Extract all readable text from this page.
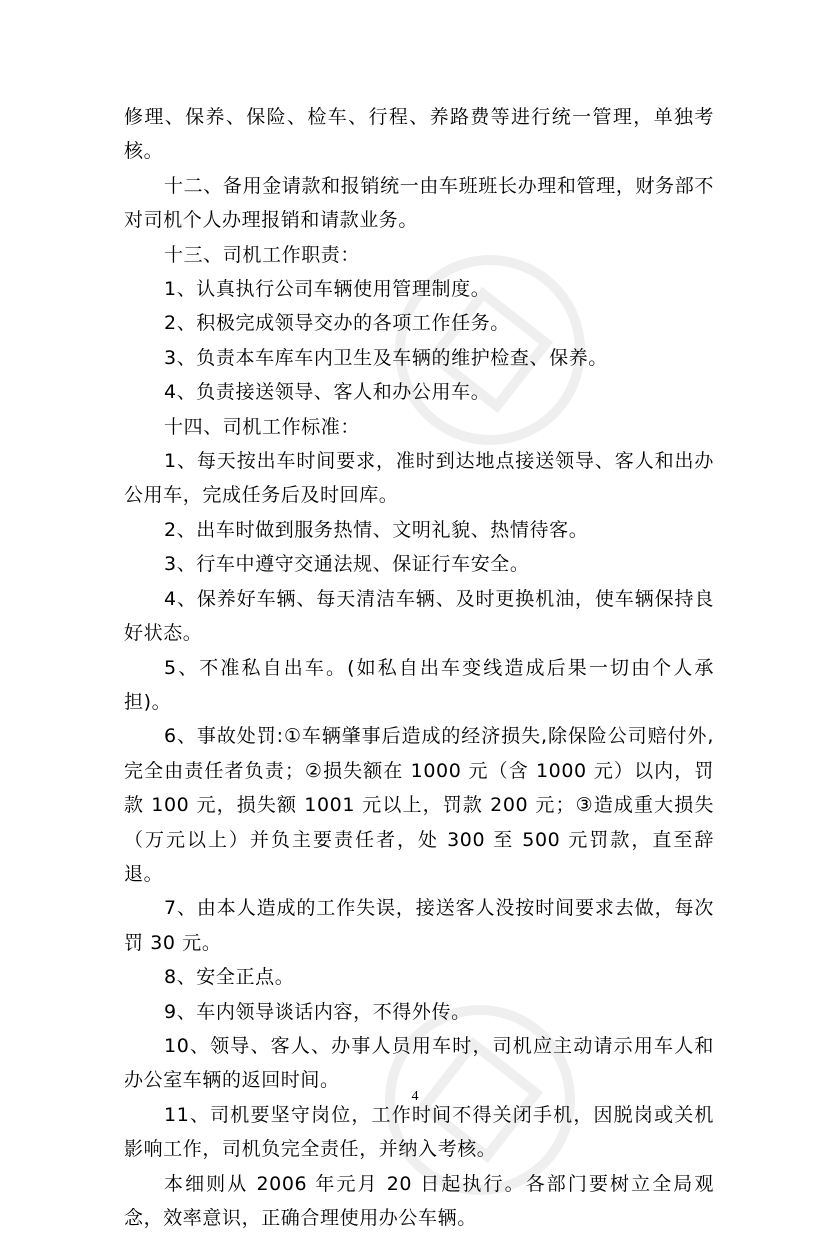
修理、保养、保险、检车、行程、养路费等进行统一管理，单独考核。

十二、备用金请款和报销统一由车班班长办理和管理，财务部不对司机个人办理报销和请款业务。

十三、司机工作职责：

1、认真执行公司车辆使用管理制度。

2、积极完成领导交办的各项工作任务。

3、负责本车库车内卫生及车辆的维护检查、保养。

4、负责接送领导、客人和办公用车。

十四、司机工作标准：

1、每天按出车时间要求，准时到达地点接送领导、客人和出办公用车，完成任务后及时回库。

2、出车时做到服务热情、文明礼貌、热情待客。

3、行车中遵守交通法规、保证行车安全。

4、保养好车辆、每天清洁车辆、及时更换机油，使车辆保持良好状态。

5、不准私自出车。(如私自出车变线造成后果一切由个人承担)。

6、事故处罚:①车辆肇事后造成的经济损失,除保险公司赔付外,完全由责任者负责；②损失额在 1000 元（含 1000 元）以内，罚款 100 元，损失额 1001 元以上，罚款 200 元；③造成重大损失（万元以上）并负主要责任者，处 300 至 500 元罚款，直至辞退。

7、由本人造成的工作失误，接送客人没按时间要求去做，每次罚 30 元。

8、安全正点。

9、车内领导谈话内容，不得外传。

10、领导、客人、办事人员用车时，司机应主动请示用车人和办公室车辆的返回时间。

11、司机要坚守岗位，工作时间不得关闭手机，因脱岗或关机影响工作，司机负完全责任，并纳入考核。

本细则从 2006 年元月 20 日起执行。各部门要树立全局观念，效率意识，正确合理使用办公车辆。

4
